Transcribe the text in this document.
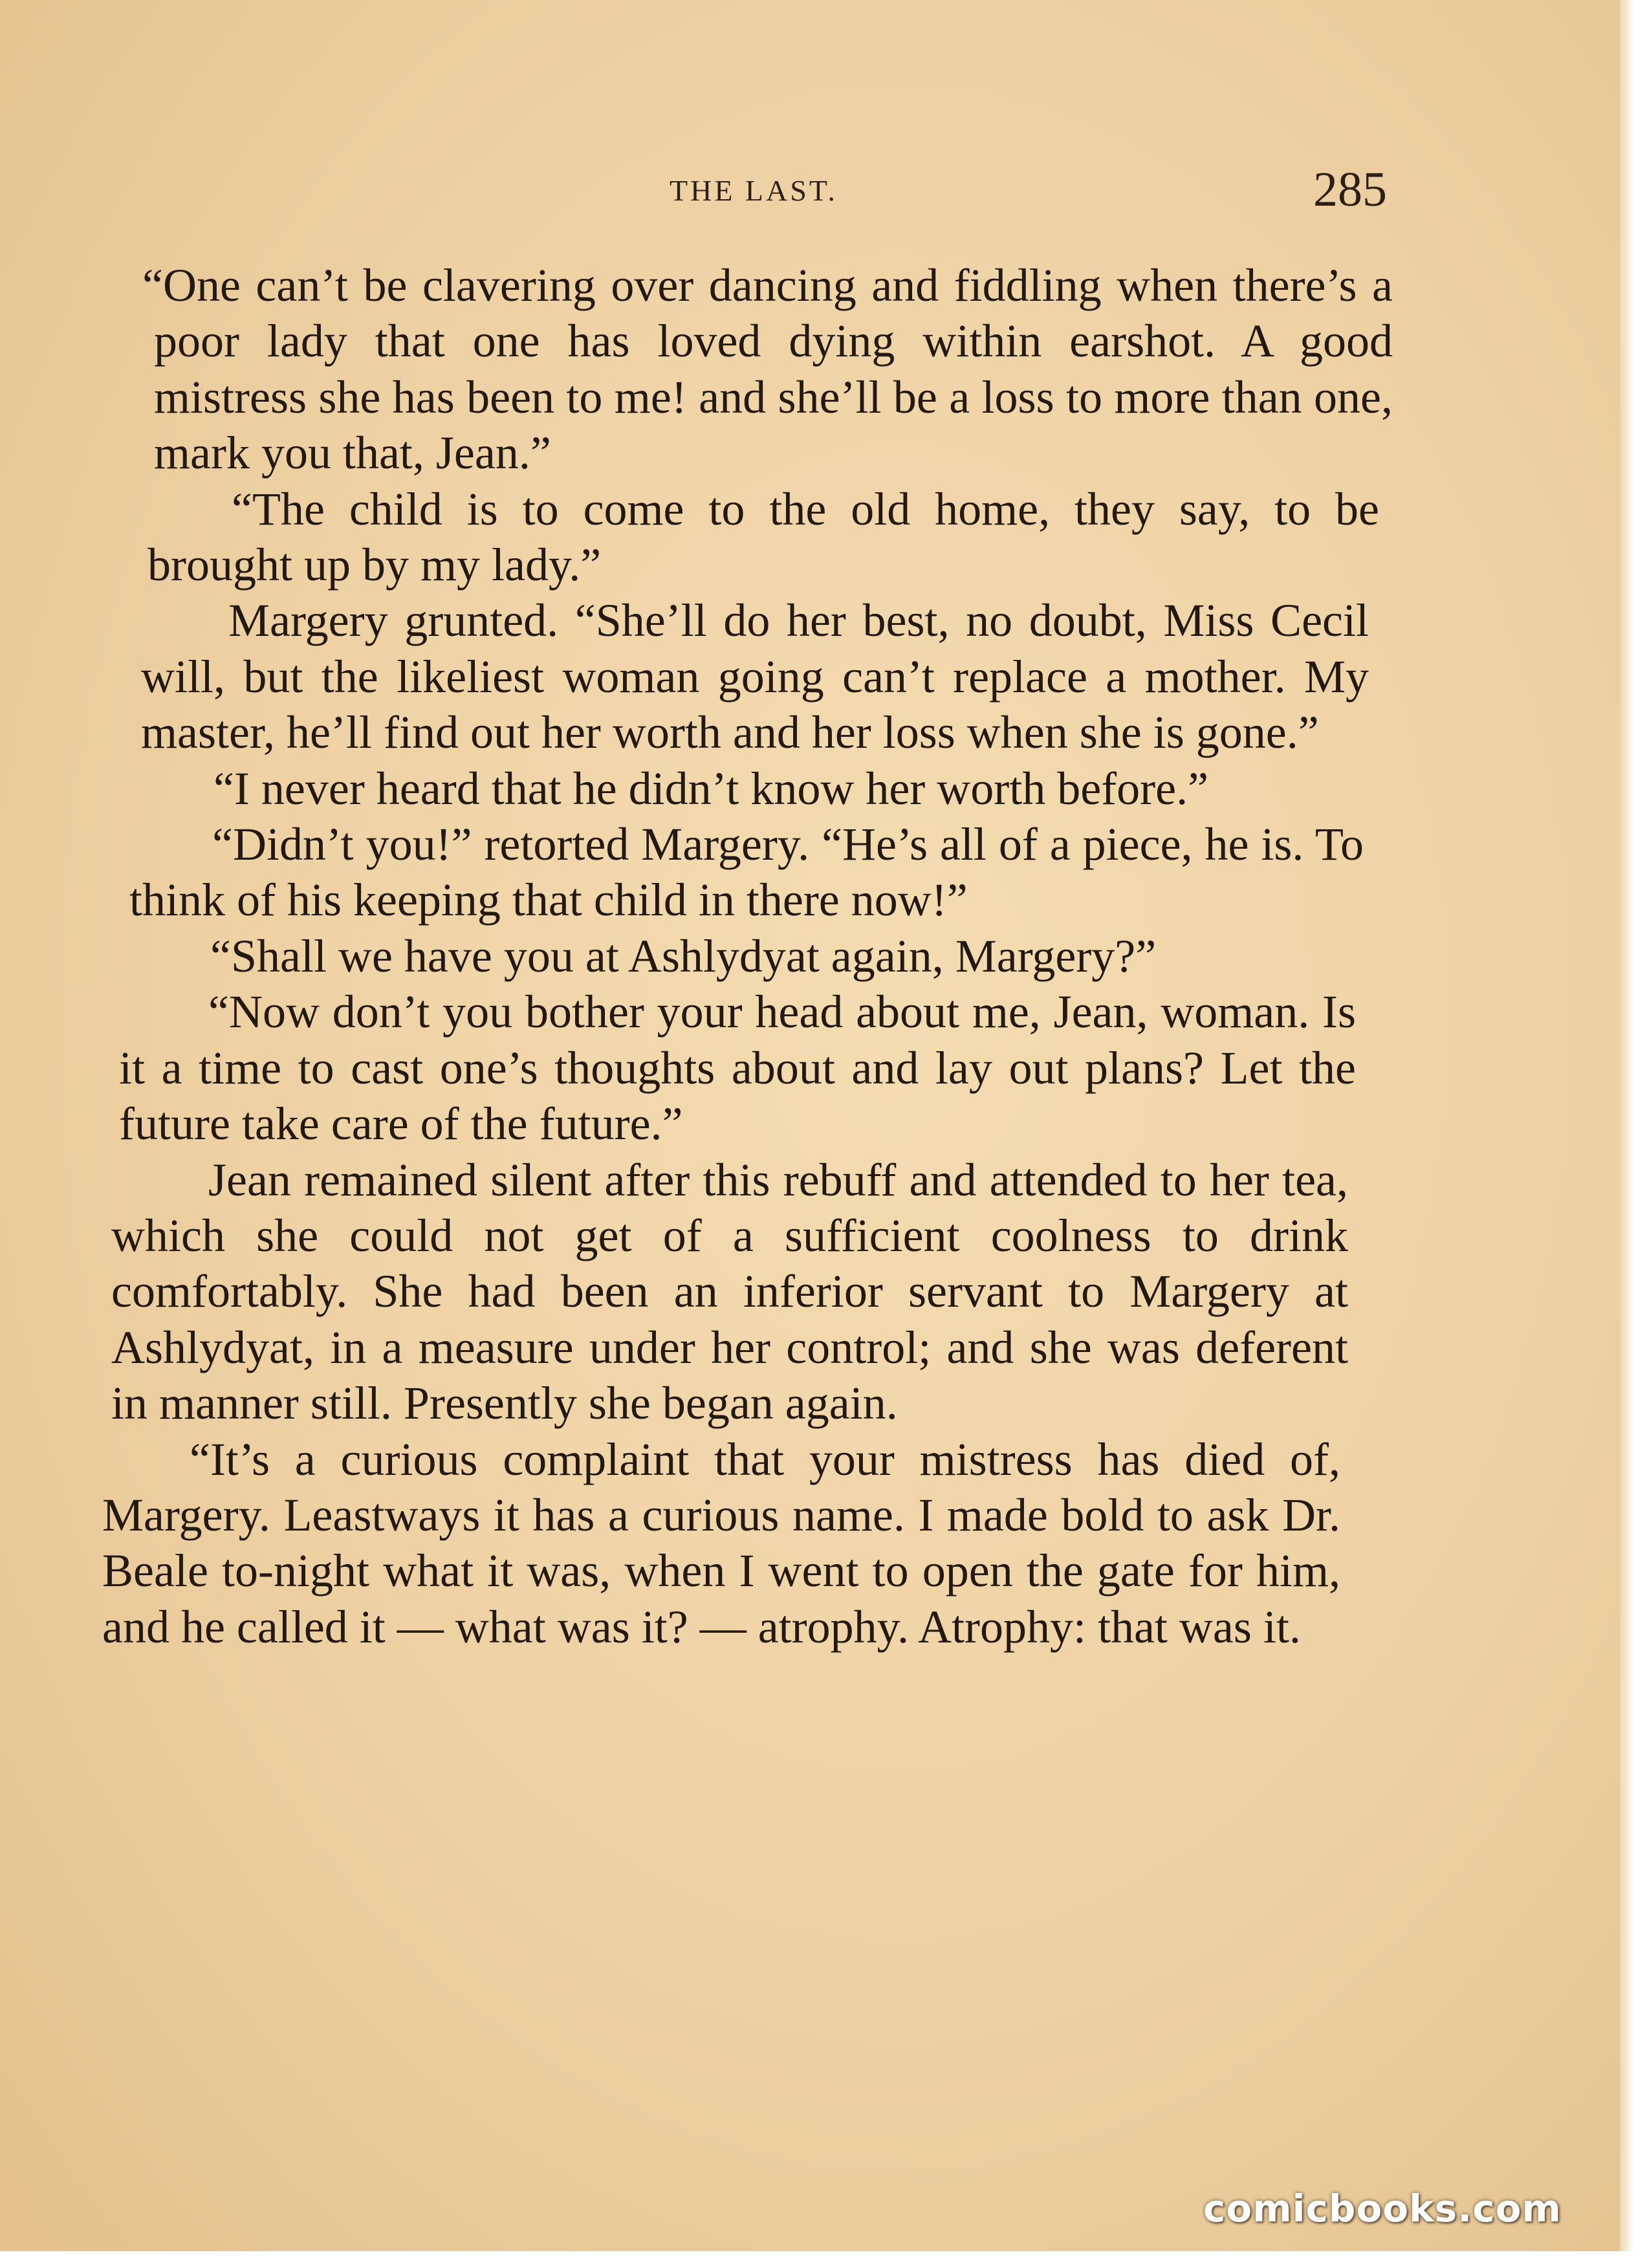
THE LAST.	285

“One can’t be clavering over dancing and fiddling when there’s a poor lady that one has loved dying within earshot. A good mistress she has been to me! and she’ll be a loss to more than one, mark you that, Jean.”

“The child is to come to the old home, they say, to be brought up by my lady.”

Margery grunted. “She’ll do her best, no doubt, Miss Cecil will, but the likeliest woman going can’t replace a mother. My master, he’ll find out her worth and her loss when she is gone.”

“I never heard that he didn’t know her worth before.”

“Didn’t you!” retorted Margery. “He’s all of a piece, he is. To think of his keeping that child in there now!”

“Shall we have you at Ashlydyat again, Margery?”

“Now don’t you bother your head about me, Jean, woman. Is it a time to cast one’s thoughts about and lay out plans? Let the future take care of the future.”

Jean remained silent after this rebuff and attended to her tea, which she could not get of a sufficient coolness to drink comfortably. She had been an inferior servant to Margery at Ashlydyat, in a measure under her control; and she was deferent in manner still. Presently she began again.

“It’s a curious complaint that your mistress has died of, Margery. Leastways it has a curious name. I made bold to ask Dr. Beale to-night what it was, when I went to open the gate for him, and he called it — what was it? — atrophy. Atrophy: that was it.

comicbooks.com
